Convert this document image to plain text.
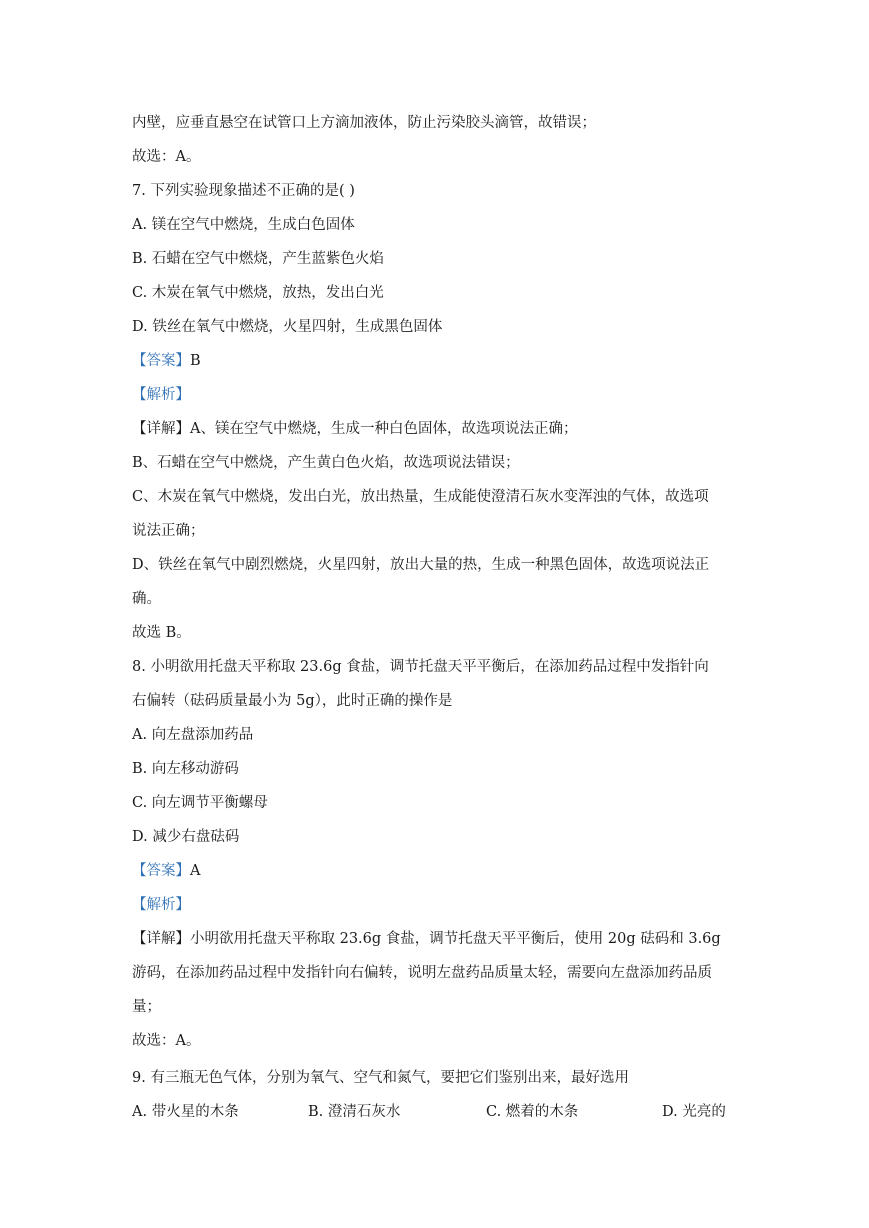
内壁，应垂直悬空在试管口上方滴加液体，防止污染胶头滴管，故错误；
故选：A。
7. 下列实验现象描述不正确的是( )
A. 镁在空气中燃烧，生成白色固体
B. 石蜡在空气中燃烧，产生蓝紫色火焰
C. 木炭在氧气中燃烧，放热，发出白光
D. 铁丝在氧气中燃烧，火星四射，生成黑色固体
【答案】B
【解析】
【详解】A、镁在空气中燃烧，生成一种白色固体，故选项说法正确；
B、石蜡在空气中燃烧，产生黄白色火焰，故选项说法错误；
C、木炭在氧气中燃烧，发出白光，放出热量，生成能使澄清石灰水变浑浊的气体，故选项
说法正确；
D、铁丝在氧气中剧烈燃烧，火星四射，放出大量的热，生成一种黑色固体，故选项说法正
确。
故选 B。
8. 小明欲用托盘天平称取 23.6g 食盐，调节托盘天平平衡后，在添加药品过程中发指针向
右偏转（砝码质量最小为 5g），此时正确的操作是
A. 向左盘添加药品
B. 向左移动游码
C. 向左调节平衡螺母
D. 减少右盘砝码
【答案】A
【解析】
【详解】小明欲用托盘天平称取 23.6g 食盐，调节托盘天平平衡后，使用 20g 砝码和 3.6g
游码，在添加药品过程中发指针向右偏转，说明左盘药品质量太轻，需要向左盘添加药品质
量；
故选：A。
9. 有三瓶无色气体，分别为氧气、空气和氮气，要把它们鉴别出来，最好选用
A. 带火星的木条	B. 澄清石灰水	C. 燃着的木条	D. 光亮的
